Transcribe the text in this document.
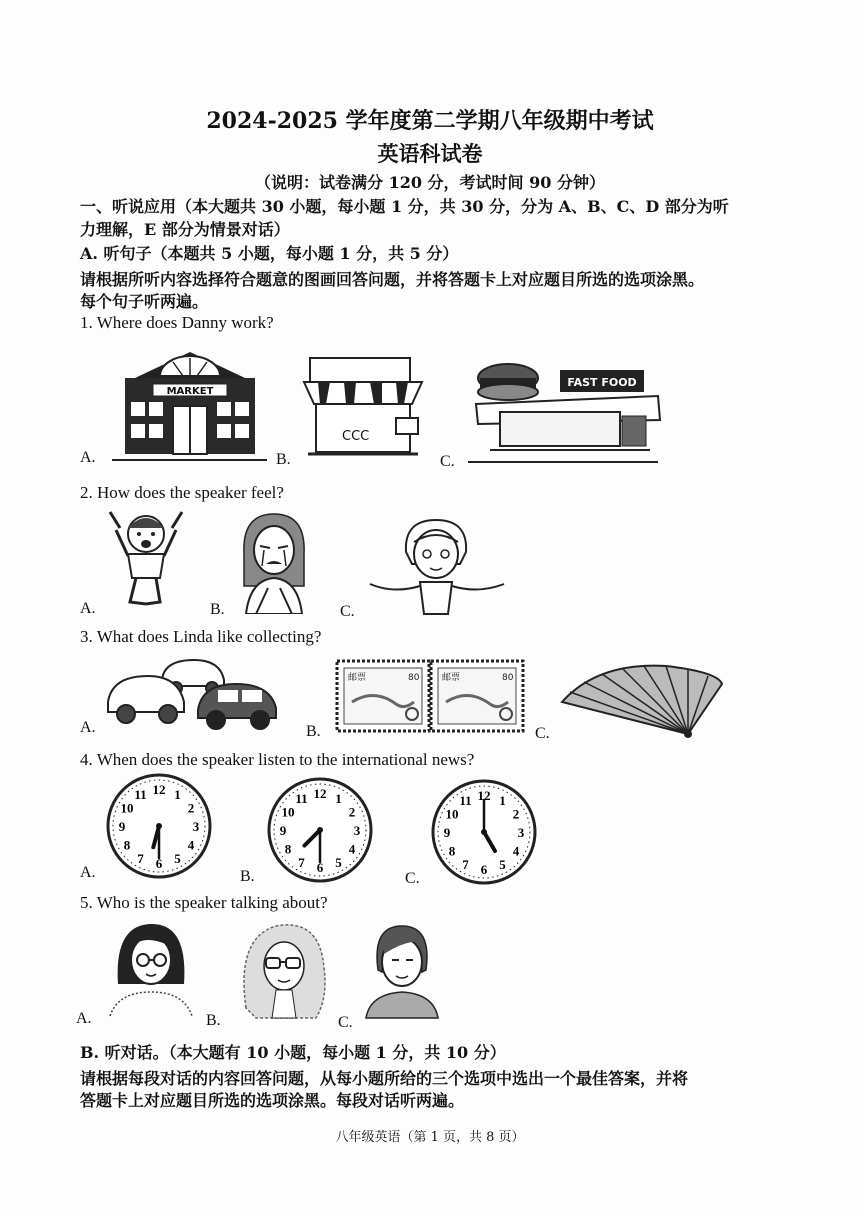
2024-2025 学年度第二学期八年级期中考试
英语科试卷
（说明：试卷满分 120 分，考试时间 90 分钟）
一、听说应用（本大题共 30 小题，每小题 1 分，共 30 分，分为 A、B、C、D 部分为听
力理解，E 部分为情景对话）
A. 听句子（本题共 5 小题，每小题 1 分，共 5 分）
请根据所听内容选择符合题意的图画回答问题，并将答题卡上对应题目所选的选项涂黑。
每个句子听两遍。
1. Where does Danny work?
A.	B.	C.
MARKET
CCC
FAST FOOD
2. How does the speaker feel?
A.	B.	C.
3. What does Linda like collecting?
A.	B.	C.
邮票	80	邮票	80
4. When does the speaker listen to the international news?
A.	B.	C.
12 1
2
3
4
5
6
7
8
9
10
11	12 1
2
3
4
5
6
7
8
9
10
11	12 1
2
3
4
5
6
7
8
9
10
11
5. Who is the speaker talking about?
A.	B.	C.
B. 听对话。（本大题有 10 小题，每小题 1 分，共 10 分）
请根据每段对话的内容回答问题，从每小题所给的三个选项中选出一个最佳答案，并将
答题卡上对应题目所选的选项涂黑。每段对话听两遍。
八年级英语（第 1 页，共 8 页）
